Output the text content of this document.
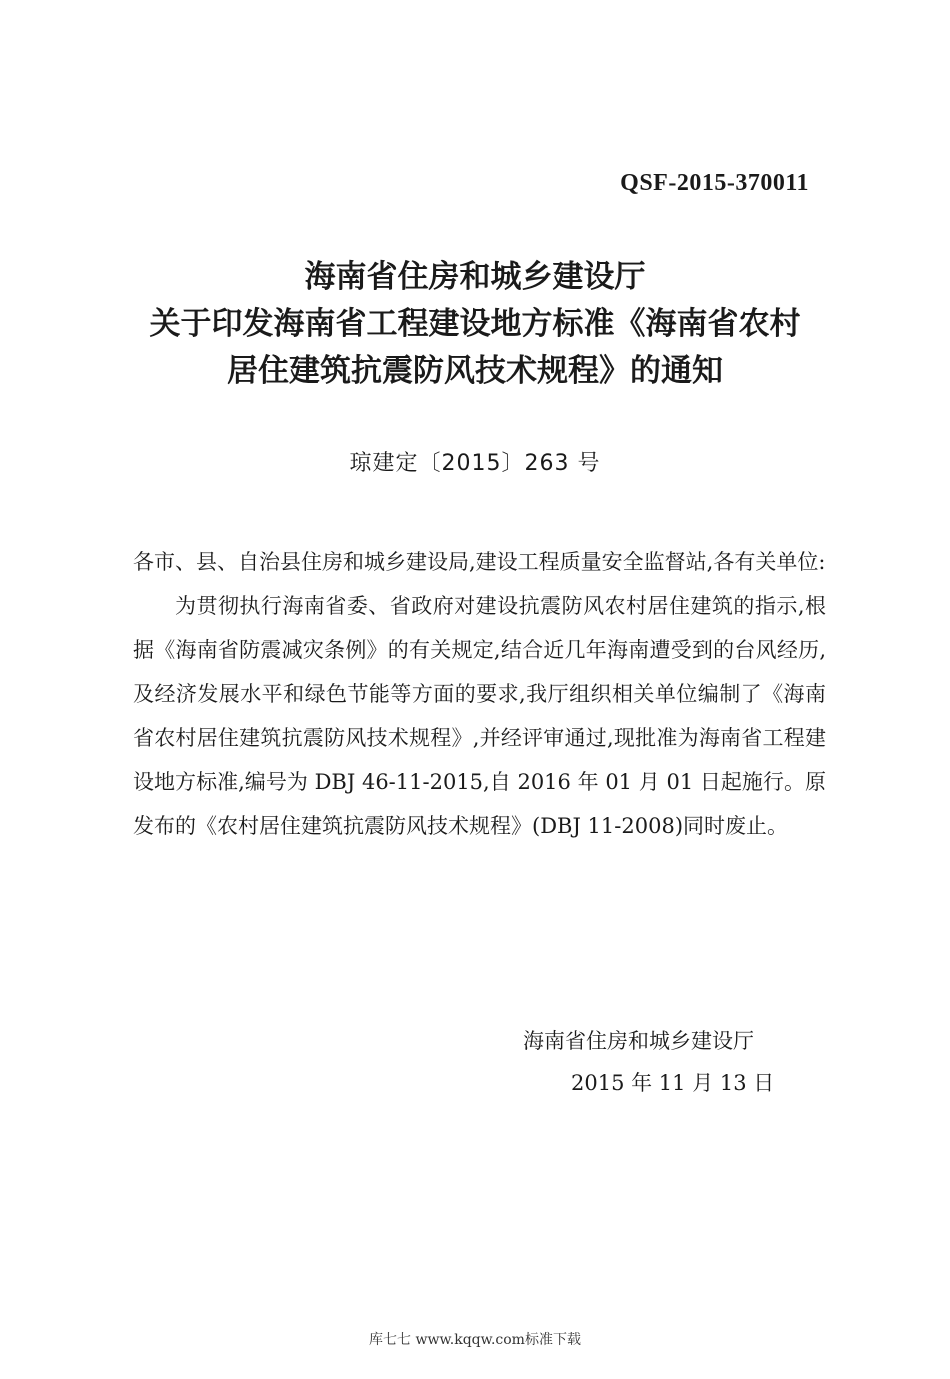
QSF-2015-370011
海南省住房和城乡建设厅
关于印发海南省工程建设地方标准《海南省农村
居住建筑抗震防风技术规程》的通知
琼建定〔2015〕263 号

各市、县、自治县住房和城乡建设局,建设工程质量安全监督站,各有关单位:

为贯彻执行海南省委、省政府对建设抗震防风农村居住建筑的指示,根据《海南省防震减灾条例》的有关规定,结合近几年海南遭受到的台风经历,及经济发展水平和绿色节能等方面的要求,我厅组织相关单位编制了《海南省农村居住建筑抗震防风技术规程》,并经评审通过,现批准为海南省工程建设地方标准,编号为 DBJ 46-11-2015,自 2016 年 01 月 01 日起施行。原发布的《农村居住建筑抗震防风技术规程》(DBJ 11-2008)同时废止。

海南省住房和城乡建设厅
2015 年 11 月 13 日
库七七 www.kqqw.com标准下载
